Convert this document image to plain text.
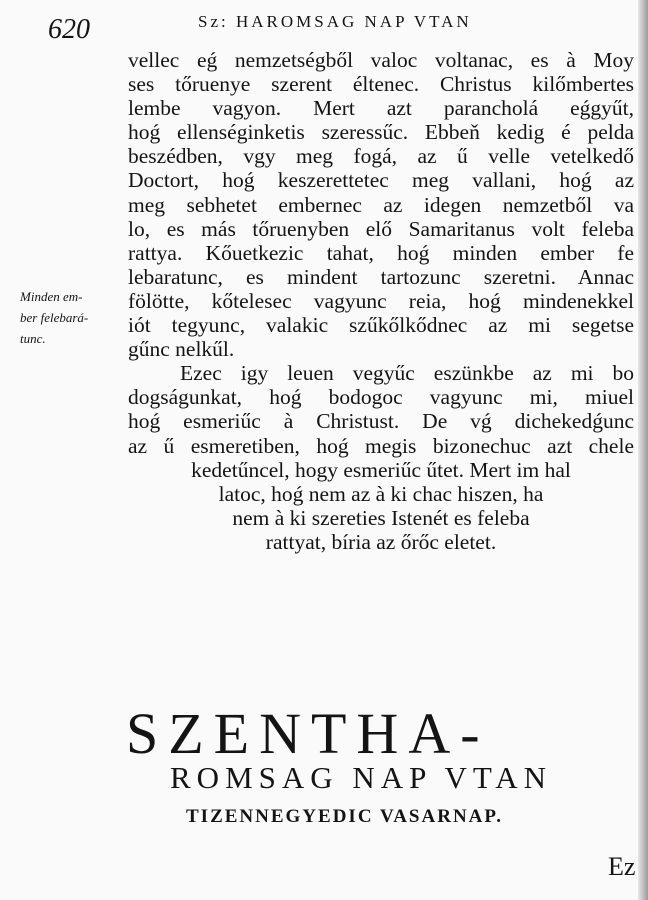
620	Sz: HAROMSAG NAP VTAN
Minden em-
ber felebará-
tunc.
vellec eǵ nemzetségből valoc voltanac, es à Moy
ses tőruenye szerent éltenec. Christus kilőmbertes
lembe vagyon. Mert azt parancholá eǵgyűt,
hoǵ ellenséginketis szeressűc. Ebbeň kedig é pelda
beszédben, vgy meg fogá, az ű velle vetelkedő
Doctort, hoǵ keszerettetec meg vallani, hoǵ az
meg sebhetet embernec az idegen nemzetből va
lo, es más tőruenyben elő Samaritanus volt feleba
rattya. Kőuetkezic tahat, hoǵ minden ember fe
lebaratunc, es mindent tartozunc szeretni. Annac
fölötte, kőtelesec vagyunc reia, hoǵ mindenekkel
iót tegyunc, valakic szűkőlkődnec az mi segetse
gűnc nelkűl.
Ezec igy leuen vegyűc eszünkbe az mi bo
dogságunkat, hoǵ bodogoc vagyunc mi, miuel
hoǵ esmeriűc à Christust. De vǵ dichekedǵunc
az ű esmeretiben, hoǵ megis bizonechuc azt chele
kedetűncel, hogy esmeriűc űtet. Mert im hal
latoc, hoǵ nem az à ki chac hiszen, ha
nem à ki szereties Istenét es feleba
rattyat, bíria az őrőc eletet.
SZENTHA-
ROMSAG NAP VTAN
TIZENNEGYEDIC VASARNAP.
Ez
